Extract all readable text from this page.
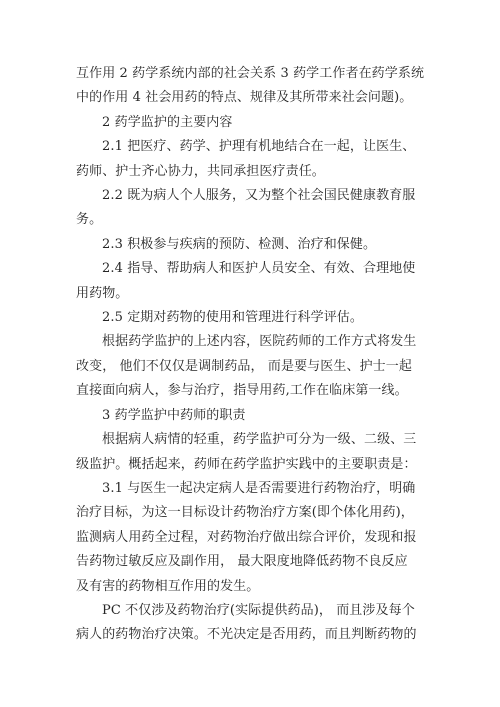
互作用 2 药学系统内部的社会关系 3 药学工作者在药学系统

中的作用 4 社会用药的特点、规律及其所带来社会问题)。

2 药学监护的主要内容

2.1 把医疗、药学、护理有机地结合在一起，让医生、

药师、护士齐心协力，共同承担医疗责任。

2.2 既为病人个人服务，又为整个社会国民健康教育服

务。

2.3 积极参与疾病的预防、检测、治疗和保健。

2.4 指导、帮助病人和医护人员安全、有效、合理地使

用药物。

2.5 定期对药物的使用和管理进行科学评估。

根据药学监护的上述内容，医院药师的工作方式将发生

改变， 他们不仅仅是调制药品， 而是要与医生、护士一起

直接面向病人，参与治疗，指导用药,工作在临床第一线。

3 药学监护中药师的职责

根据病人病情的轻重，药学监护可分为一级、二级、三

级监护。概括起来，药师在药学监护实践中的主要职责是：

3.1 与医生一起决定病人是否需要进行药物治疗，明确

治疗目标，为这一目标设计药物治疗方案(即个体化用药)，

监测病人用药全过程，对药物治疗做出综合评价，发现和报

告药物过敏反应及副作用， 最大限度地降低药物不良反应

及有害的药物相互作用的发生。

PC 不仅涉及药物治疗(实际提供药品)， 而且涉及每个

病人的药物治疗决策。不光决定是否用药，而且判断药物的
